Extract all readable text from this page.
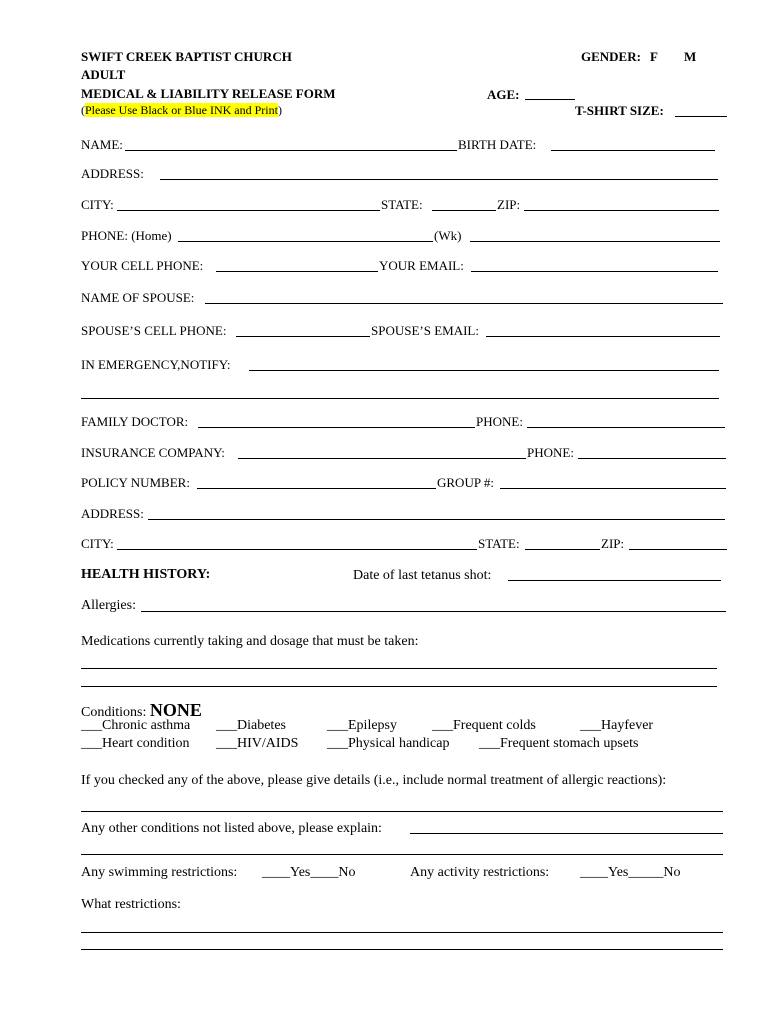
SWIFT CREEK BAPTIST CHURCH
ADULT
MEDICAL & LIABILITY RELEASE FORM
(Please Use Black or Blue INK and Print)
GENDER: F M
AGE:
T-SHIRT SIZE:
NAME:	BIRTH DATE:
ADDRESS:
CITY:	STATE:	ZIP:
PHONE: (Home)	(Wk)
YOUR CELL PHONE:	YOUR EMAIL:
NAME OF SPOUSE:
SPOUSE’S CELL PHONE:	SPOUSE’S EMAIL:
IN EMERGENCY,NOTIFY:
FAMILY DOCTOR:	PHONE:
INSURANCE COMPANY:	PHONE:
POLICY NUMBER:	GROUP #:
ADDRESS:
CITY:	STATE:	ZIP:
HEALTH HISTORY:	Date of last tetanus shot:
Allergies:
Medications currently taking and dosage that must be taken:
Conditions: NONE
___Chronic asthma ___Diabetes	___Epilepsy	___Frequent colds	___Hayfever
___Heart condition ___HIV/AIDS ___Physical handicap ___Frequent stomach upsets
If you checked any of the above, please give details (i.e., include normal treatment of allergic reactions):
Any other conditions not listed above, please explain:
Any swimming restrictions: ____Yes____No	Any activity restrictions: ____Yes_____No
What restrictions:
